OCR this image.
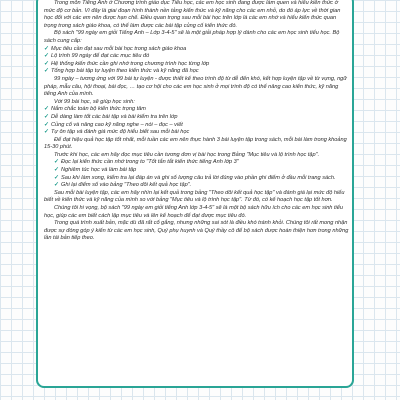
Trong môn Tiếng Anh ở Chương trình giáo dục Tiểu học, các em học sinh đang được làm quen và hiểu kiến thức ở mức độ cơ bản. Vì đây là giai đoạn hình thành nền tảng kiến thức và kỹ năng cho các em nhỏ, do đó áp lực về thời gian học đối với các em nên được hạn chế. Điều quan trọng sau mỗi bài học trên lớp là các em nhớ và hiểu kiến thức quan trọng trong sách giáo khoa, có thể làm được các bài tập củng cố kiến thức đó.

Bộ sách "99 ngày em giỏi Tiếng Anh – Lớp 3-4-5" sẽ là một giải pháp hợp lý dành cho các em học sinh tiểu học. Bộ sách cung cấp:

✓ Mục tiêu cần đạt sau mỗi bài học trong sách giáo khoa
✓ Lộ trình 99 ngày để đạt các mục tiêu đó
✓ Hệ thống kiến thức cần ghi nhớ trong chương trình học từng lớp
✓ Tổng hợp bài tập tự luyện theo kiến thức và kỹ năng đã học

99 ngày – tương ứng với 99 bài tự luyện - được thiết kế theo trình độ từ dễ đến khó, kết hợp luyện tập về từ vựng, ngữ pháp, mẫu câu, hội thoại, bài đọc, … tạo cơ hội cho các em học sinh ở mọi trình độ có thể nâng cao kiến thức, kỹ năng tiếng Anh của mình.

Với 99 bài học, sẽ giúp học sinh:

✓ Nắm chắc toàn bộ kiến thức trọng tâm
✓ Dễ dàng làm tốt các bài tập và bài kiểm tra trên lớp
✓ Củng cố và nâng cao kỹ năng nghe – nói – đọc – viết
✓ Tự ôn tập và đánh giá mức độ hiểu biết sau mỗi bài học

Để đạt hiệu quả học tập tốt nhất, mỗi tuần các em nên thực hành 3 bài luyện tập trong sách, mỗi bài làm trong khoảng 15-30 phút.

Trước khi học, các em hãy đọc mục tiêu cần tương đơn vị bài học trong Bảng "Mục tiêu và lộ trình học tập".

✓ Đọc lại kiến thức cần nhớ trong to "Tốt tắn tắt kiến thức tiếng Anh lớp 3"
✓ Nghiêm túc học và làm bài tập
✓ Sau khi làm xong, kiểm tra lại đáp án và ghi số lượng câu trả lời đúng vào phần ghi điểm ở đầu mỗi trang sách.
✓ Ghi lại điểm số vào bảng "Theo dõi kết quả học tập".

Sau mỗi bài luyện tập, các em hãy nhìn lại kết quả trong bảng "Theo dõi kết quả học tập" và đánh giá lại mức độ hiểu biết về kiến thức và kỹ năng của mình so với bảng "Mục tiêu và lộ trình học tập". Từ đó, có kế hoạch học tập tốt hơn.

Chúng tôi hi vọng, bộ sách "99 ngày em giỏi tiếng Anh lớp 3-4-5" sẽ là một bộ sách hữu ích cho các em học sinh tiểu học, giúp các em biết cách lập mục tiêu và lên kế hoạch để đạt được mục tiêu đó.

Trong quá trình xuất bản, mặc dù đã rất cố gắng, nhưng những sai sót là điều khó tránh khỏi. Chúng tôi rất mong nhận được sự đóng góp ý kiến từ các em học sinh, Quý phụ huynh và Quý thầy cô để bộ sách được hoàn thiện hơn trong những lần tái bản tiếp theo.
